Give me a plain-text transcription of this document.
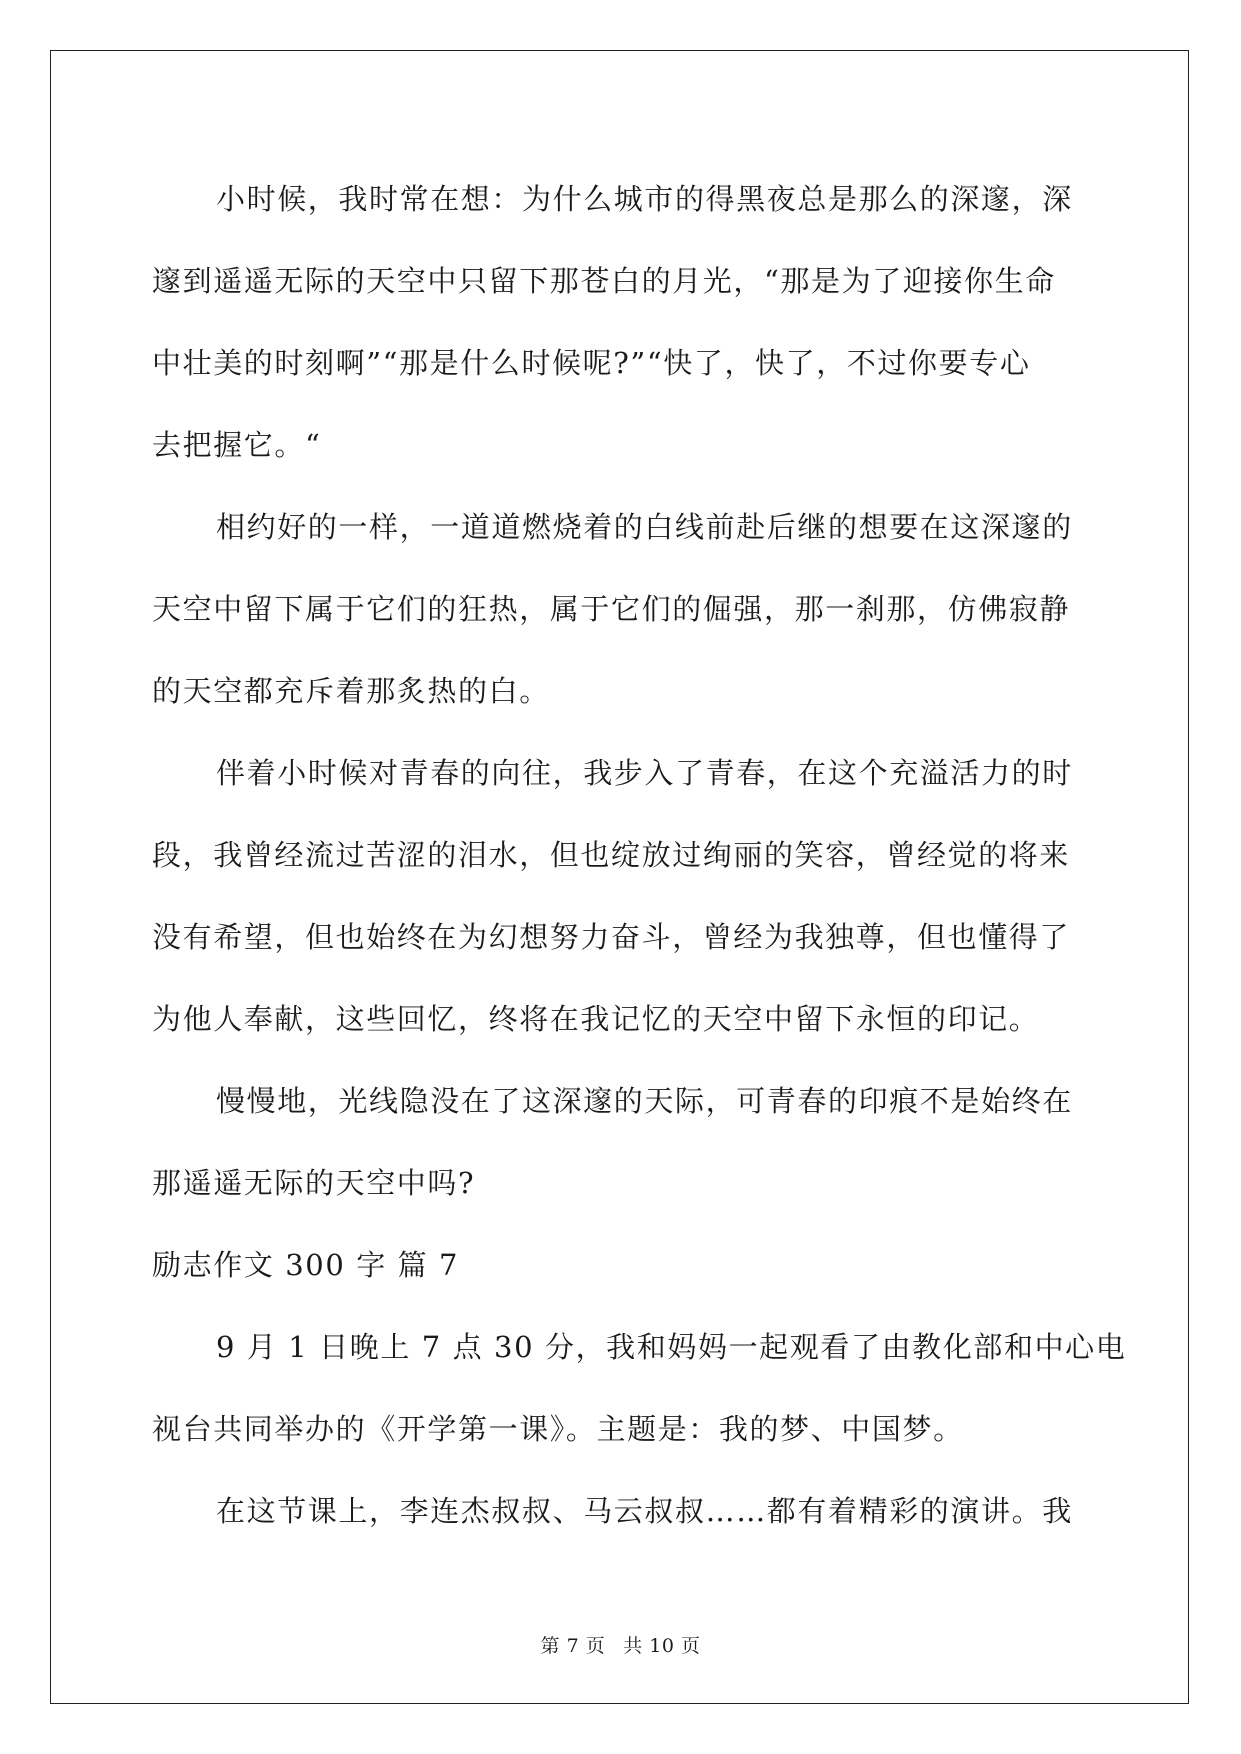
小时候，我时常在想：为什么城市的得黑夜总是那么的深邃，深
邃到遥遥无际的天空中只留下那苍白的月光，“那是为了迎接你生命
中壮美的时刻啊”“那是什么时候呢?”“快了，快了，不过你要专心
去把握它。“
相约好的一样，一道道燃烧着的白线前赴后继的想要在这深邃的
天空中留下属于它们的狂热，属于它们的倔强，那一刹那，仿佛寂静
的天空都充斥着那炙热的白。
伴着小时候对青春的向往，我步入了青春，在这个充溢活力的时
段，我曾经流过苦涩的泪水，但也绽放过绚丽的笑容，曾经觉的将来
没有希望，但也始终在为幻想努力奋斗，曾经为我独尊，但也懂得了
为他人奉献，这些回忆，终将在我记忆的天空中留下永恒的印记。
慢慢地，光线隐没在了这深邃的天际，可青春的印痕不是始终在
那遥遥无际的天空中吗?
励志作文 300 字 篇 7
9 月 1 日晚上 7 点 30 分，我和妈妈一起观看了由教化部和中心电
视台共同举办的《开学第一课》。主题是：我的梦、中国梦。
在这节课上，李连杰叔叔、马云叔叔……都有着精彩的演讲。我
第 7 页 共 10 页
